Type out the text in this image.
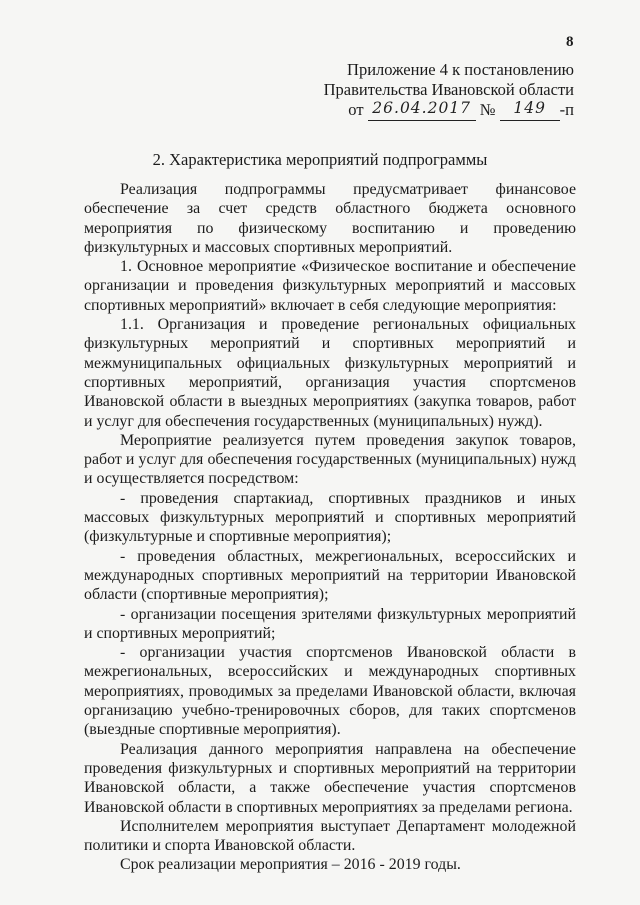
8
Приложение 4 к постановлению
Правительства Ивановской области
от 26.04.2017 № 149 -п
2. Характеристика мероприятий подпрограммы

Реализация подпрограммы предусматривает финансовое обеспечение за счет средств областного бюджета основного мероприятия по физическому воспитанию и проведению физкультурных и массовых спортивных мероприятий.

1. Основное мероприятие «Физическое воспитание и обеспечение организации и проведения физкультурных мероприятий и массовых спортивных мероприятий» включает в себя следующие мероприятия:

1.1. Организация и проведение региональных официальных физкультурных мероприятий и спортивных мероприятий и межмуниципальных официальных физкультурных мероприятий и спортивных мероприятий, организация участия спортсменов Ивановской области в выездных мероприятиях (закупка товаров, работ и услуг для обеспечения государственных (муниципальных) нужд).

Мероприятие реализуется путем проведения закупок товаров, работ и услуг для обеспечения государственных (муниципальных) нужд и осуществляется посредством:

- проведения спартакиад, спортивных праздников и иных массовых физкультурных мероприятий и спортивных мероприятий (физкультурные и спортивные мероприятия);

- проведения областных, межрегиональных, всероссийских и международных спортивных мероприятий на территории Ивановской области (спортивные мероприятия);

- организации посещения зрителями физкультурных мероприятий и спортивных мероприятий;

- организации участия спортсменов Ивановской области в межрегиональных, всероссийских и международных спортивных мероприятиях, проводимых за пределами Ивановской области, включая организацию учебно-тренировочных сборов, для таких спортсменов (выездные спортивные мероприятия).

Реализация данного мероприятия направлена на обеспечение проведения физкультурных и спортивных мероприятий на территории Ивановской области, а также обеспечение участия спортсменов Ивановской области в спортивных мероприятиях за пределами региона.

Исполнителем мероприятия выступает Департамент молодежной политики и спорта Ивановской области.

Срок реализации мероприятия – 2016 - 2019 годы.
